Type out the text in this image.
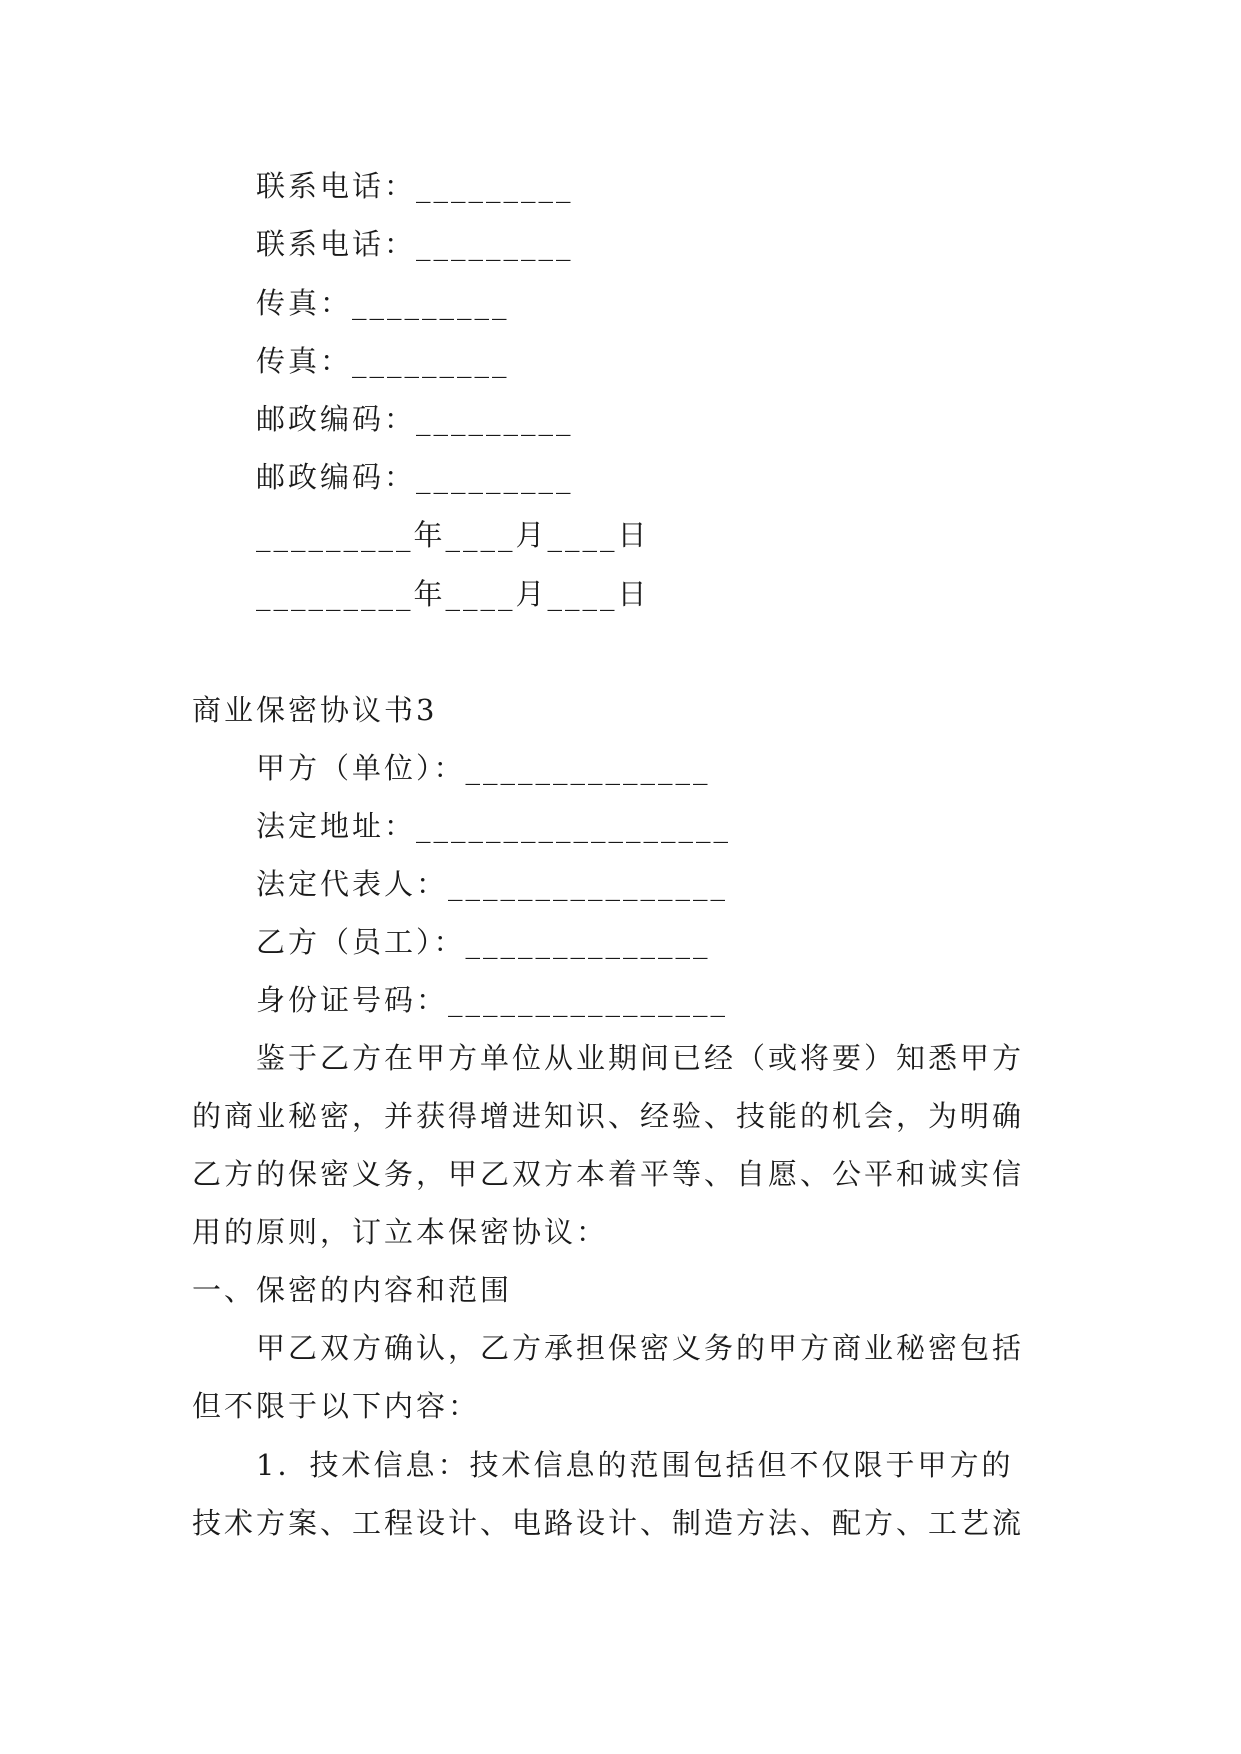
联系电话：_________
联系电话：_________
传真：_________
传真：_________
邮政编码：_________
邮政编码：_________
_________年____月____日
_________年____月____日
商业保密协议书3
甲方（单位）：______________
法定地址：__________________
法定代表人：________________
乙方（员工）：______________
身份证号码：________________
鉴于乙方在甲方单位从业期间已经（或将要）知悉甲方
的商业秘密，并获得增进知识、经验、技能的机会，为明确
乙方的保密义务，甲乙双方本着平等、自愿、公平和诚实信
用的原则，订立本保密协议：
一、保密的内容和范围
甲乙双方确认，乙方承担保密义务的甲方商业秘密包括
但不限于以下内容：
1．技术信息：技术信息的范围包括但不仅限于甲方的
技术方案、工程设计、电路设计、制造方法、配方、工艺流
